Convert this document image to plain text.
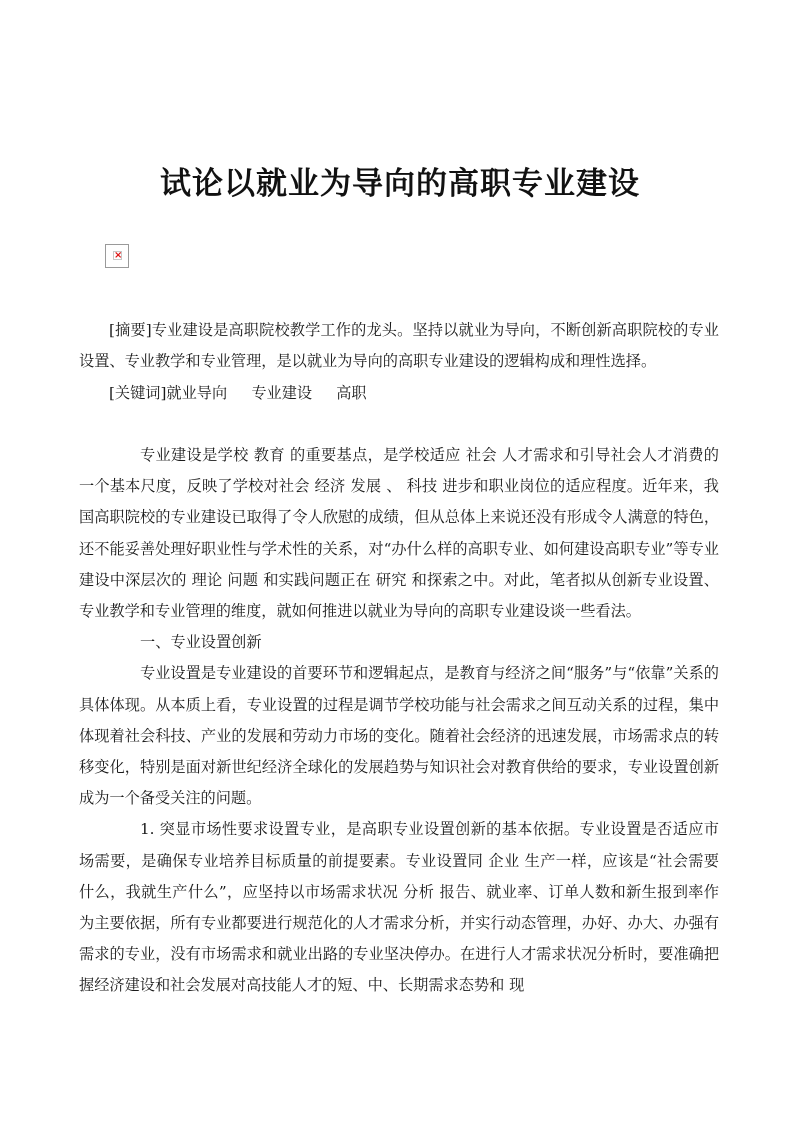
试论以就业为导向的高职专业建设
×
[摘要]专业建设是高职院校教学工作的龙头。坚持以就业为导向，不断创新高职院校的专业设置、专业教学和专业管理，是以就业为导向的高职专业建设的逻辑构成和理性选择。
[关键词]就业导向 专业建设 高职

专业建设是学校 教育 的重要基点，是学校适应 社会 人才需求和引导社会人才消费的一个基本尺度，反映了学校对社会 经济 发展 、 科技 进步和职业岗位的适应程度。近年来，我国高职院校的专业建设已取得了令人欣慰的成绩，但从总体上来说还没有形成令人满意的特色，还不能妥善处理好职业性与学术性的关系，对“办什么样的高职专业、如何建设高职专业”等专业建设中深层次的 理论 问题 和实践问题正在 研究 和探索之中。对此，笔者拟从创新专业设置、专业教学和专业管理的维度，就如何推进以就业为导向的高职专业建设谈一些看法。

一、专业设置创新

专业设置是专业建设的首要环节和逻辑起点，是教育与经济之间“服务”与“依靠”关系的具体体现。从本质上看，专业设置的过程是调节学校功能与社会需求之间互动关系的过程，集中体现着社会科技、产业的发展和劳动力市场的变化。随着社会经济的迅速发展，市场需求点的转移变化，特别是面对新世纪经济全球化的发展趋势与知识社会对教育供给的要求，专业设置创新成为一个备受关注的问题。

1. 突显市场性要求设置专业，是高职专业设置创新的基本依据。专业设置是否适应市场需要，是确保专业培养目标质量的前提要素。专业设置同 企业 生产一样，应该是“社会需要什么，我就生产什么”，应坚持以市场需求状况 分析 报告、就业率、订单人数和新生报到率作为主要依据，所有专业都要进行规范化的人才需求分析，并实行动态管理，办好、办大、办强有需求的专业，没有市场需求和就业出路的专业坚决停办。在进行人才需求状况分析时，要准确把握经济建设和社会发展对高技能人才的短、中、长期需求态势和 现
